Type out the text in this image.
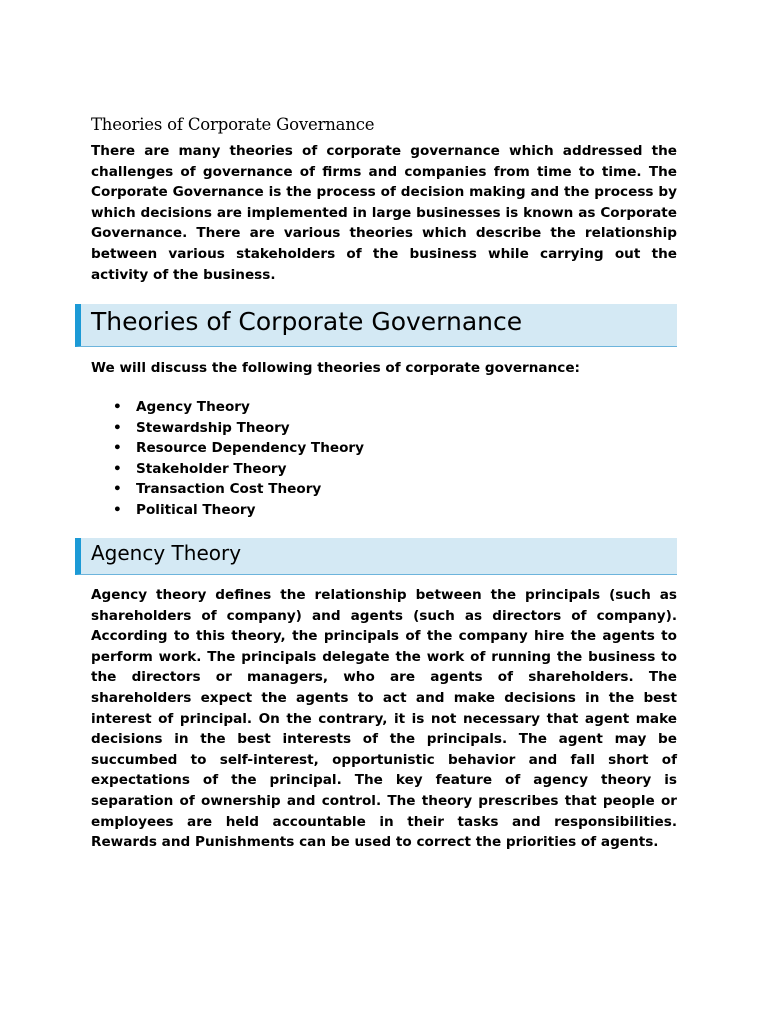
Theories of Corporate Governance
There are many theories of corporate governance which addressed the challenges of governance of firms and companies from time to time. The Corporate Governance is the process of decision making and the process by which decisions are implemented in large businesses is known as Corporate Governance. There are various theories which describe the relationship between various stakeholders of the business while carrying out the activity of the business.
Theories of Corporate Governance
We will discuss the following theories of corporate governance:
• Agency Theory
• Stewardship Theory
• Resource Dependency Theory
• Stakeholder Theory
• Transaction Cost Theory
• Political Theory
Agency Theory
Agency theory defines the relationship between the principals (such as shareholders of company) and agents (such as directors of company). According to this theory, the principals of the company hire the agents to perform work. The principals delegate the work of running the business to the directors or managers, who are agents of shareholders. The shareholders expect the agents to act and make decisions in the best interest of principal. On the contrary, it is not necessary that agent make decisions in the best interests of the principals. The agent may be succumbed to self-interest, opportunistic behavior and fall short of expectations of the principal. The key feature of agency theory is separation of ownership and control. The theory prescribes that people or employees are held accountable in their tasks and responsibilities. Rewards and Punishments can be used to correct the priorities of agents.
